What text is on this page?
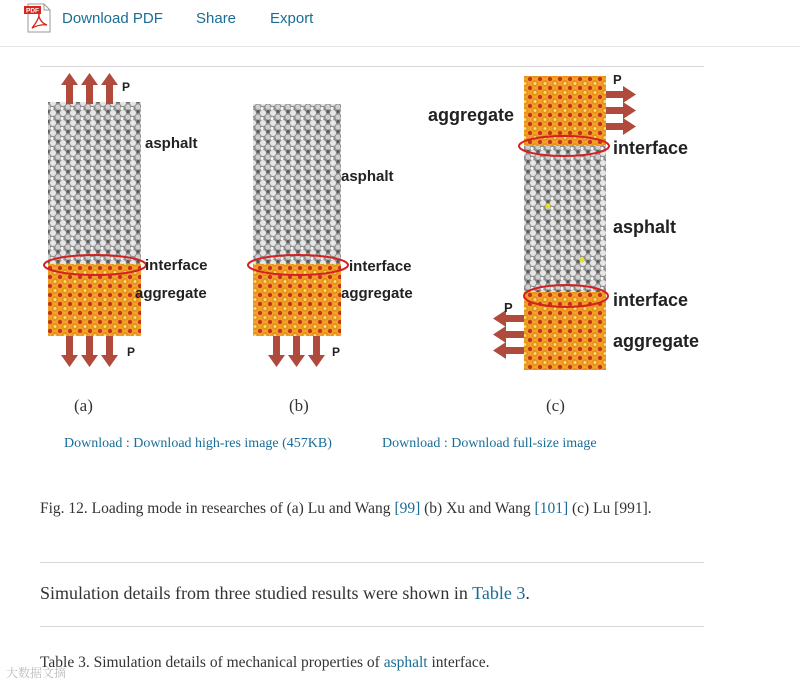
PDF Download PDF Share Export
P
asphalt
interface
aggregate
P
(a)
asphalt
interface
aggregate
P
(b)
P
aggregate
interface
asphalt
interface
P
aggregate
(c)
Download : Download high-res image (457KB)	Download : Download full-size image
Fig. 12. Loading mode in researches of (a) Lu and Wang [99] (b) Xu and Wang [101] (c) Lu [991].
Simulation details from three studied results were shown in Table 3.
Table 3. Simulation details of mechanical properties of asphalt interface.
大数据文摘
